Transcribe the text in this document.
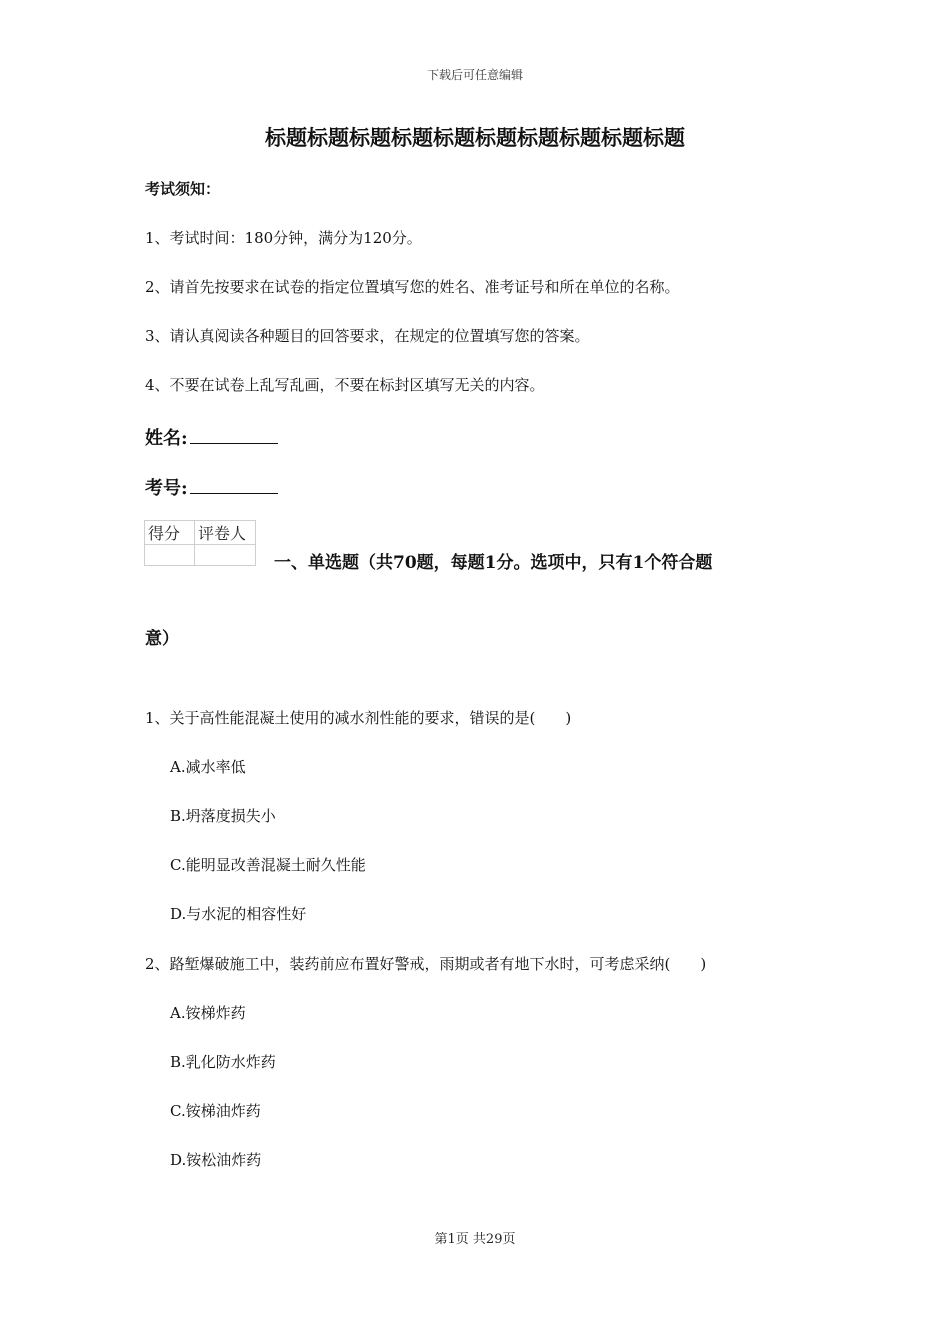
下载后可任意编辑
标题标题标题标题标题标题标题标题标题标题
考试须知：
1、考试时间：180分钟，满分为120分。
2、请首先按要求在试卷的指定位置填写您的姓名、准考证号和所在单位的名称。
3、请认真阅读各种题目的回答要求，在规定的位置填写您的答案。
4、不要在试卷上乱写乱画，不要在标封区填写无关的内容。
姓名:
考号:
得分	评卷人

一、单选题（共70题，每题1分。选项中，只有1个符合题
意）
1、关于高性能混凝土使用的减水剂性能的要求，错误的是(　　)
A.减水率低
B.坍落度损失小
C.能明显改善混凝土耐久性能
D.与水泥的相容性好
2、路堑爆破施工中，装药前应布置好警戒，雨期或者有地下水时，可考虑采纳(　　)
A.铵梯炸药
B.乳化防水炸药
C.铵梯油炸药
D.铵松油炸药
第1页 共29页
